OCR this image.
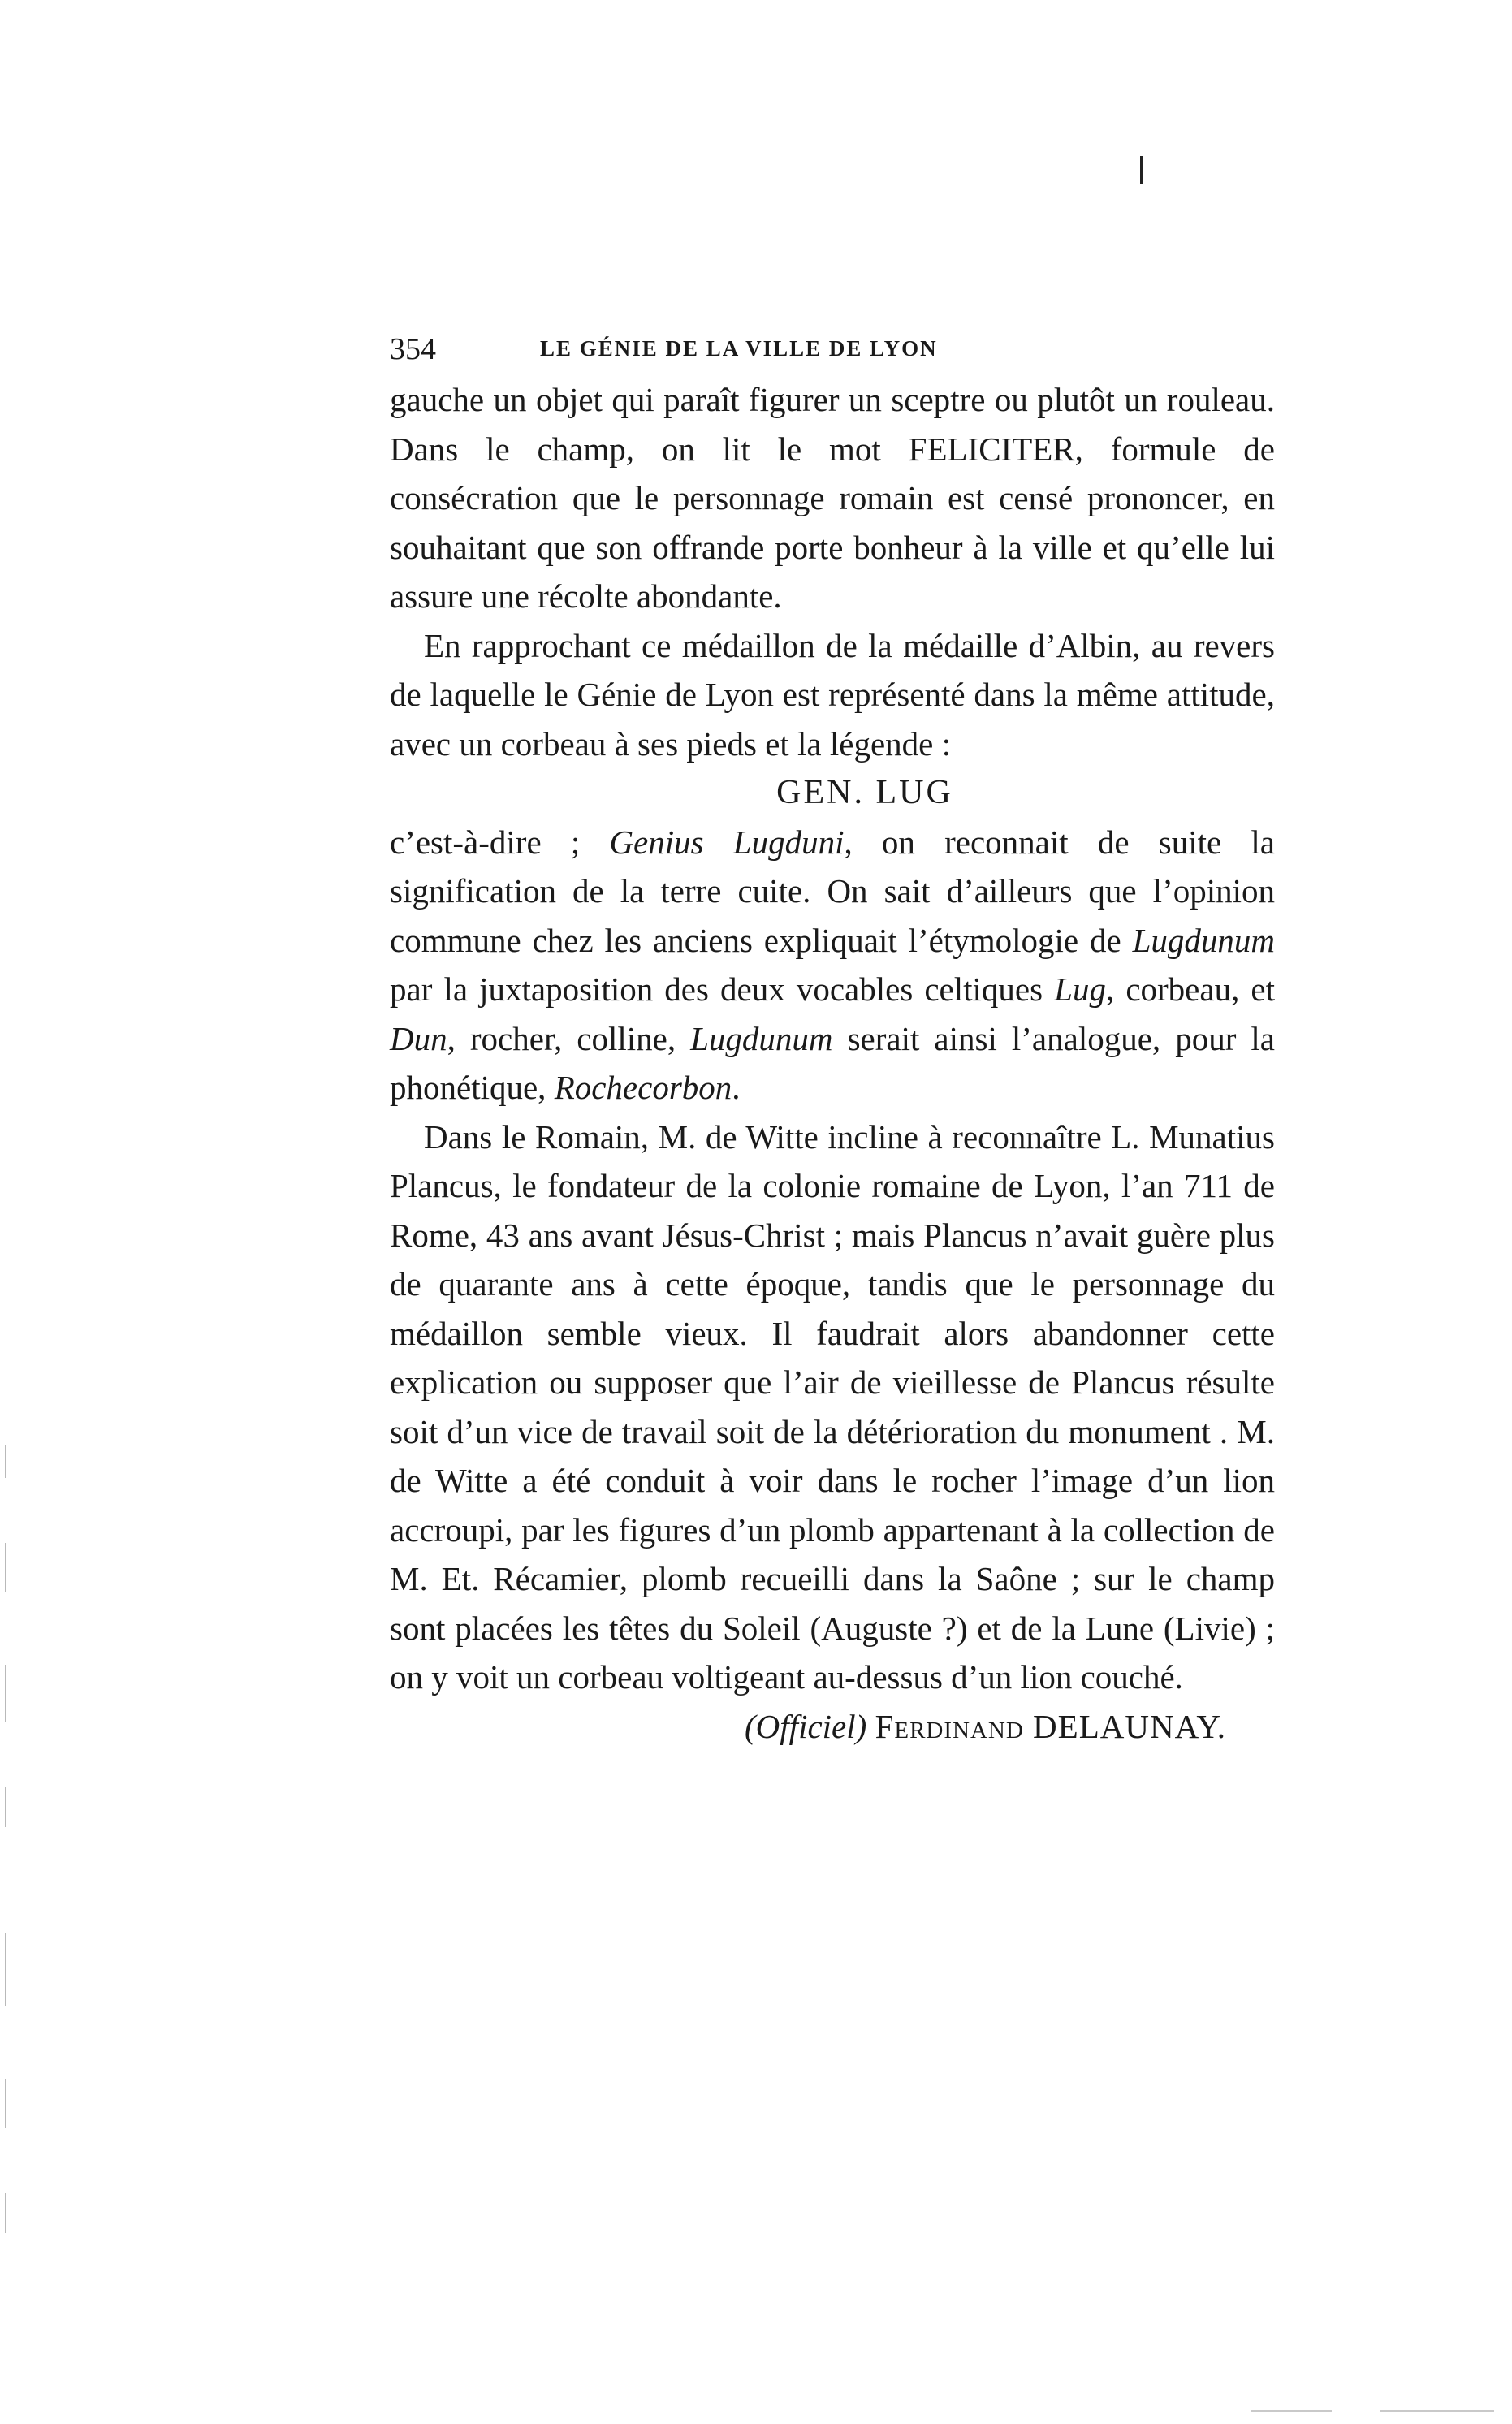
354	LE GÉNIE DE LA VILLE DE LYON

gauche un objet qui paraît figurer un sceptre ou plutôt un rouleau. Dans le champ, on lit le mot FELICITER, formule de consécration que le personnage romain est censé prononcer, en souhaitant que son offrande porte bonheur à la ville et qu’elle lui assure une récolte abondante.

En rapprochant ce médaillon de la médaille d’Albin, au revers de laquelle le Génie de Lyon est représenté dans la même attitude, avec un corbeau à ses pieds et la légende :

GEN. LUG

c’est-à-dire ; Genius Lugduni, on reconnait de suite la signification de la terre cuite. On sait d’ailleurs que l’opinion commune chez les anciens expliquait l’étymologie de Lugdunum par la juxtaposition des deux vocables celtiques Lug, corbeau, et Dun, rocher, colline, Lugdunum serait ainsi l’analogue, pour la phonétique, Rochecorbon.

Dans le Romain, M. de Witte incline à reconnaître L. Munatius Plancus, le fondateur de la colonie romaine de Lyon, l’an 711 de Rome, 43 ans avant Jésus-Christ ; mais Plancus n’avait guère plus de quarante ans à cette époque, tandis que le personnage du médaillon semble vieux. Il faudrait alors abandonner cette explication ou supposer que l’air de vieillesse de Plancus résulte soit d’un vice de travail soit de la détérioration du monument . M. de Witte a été conduit à voir dans le rocher l’image d’un lion accroupi, par les figures d’un plomb appartenant à la collection de M. Et. Récamier, plomb recueilli dans la Saône ; sur le champ sont placées les têtes du Soleil (Auguste ?) et de la Lune (Livie) ; on y voit un corbeau voltigeant au-dessus d’un lion couché.

(Officiel) Ferdinand DELAUNAY.
